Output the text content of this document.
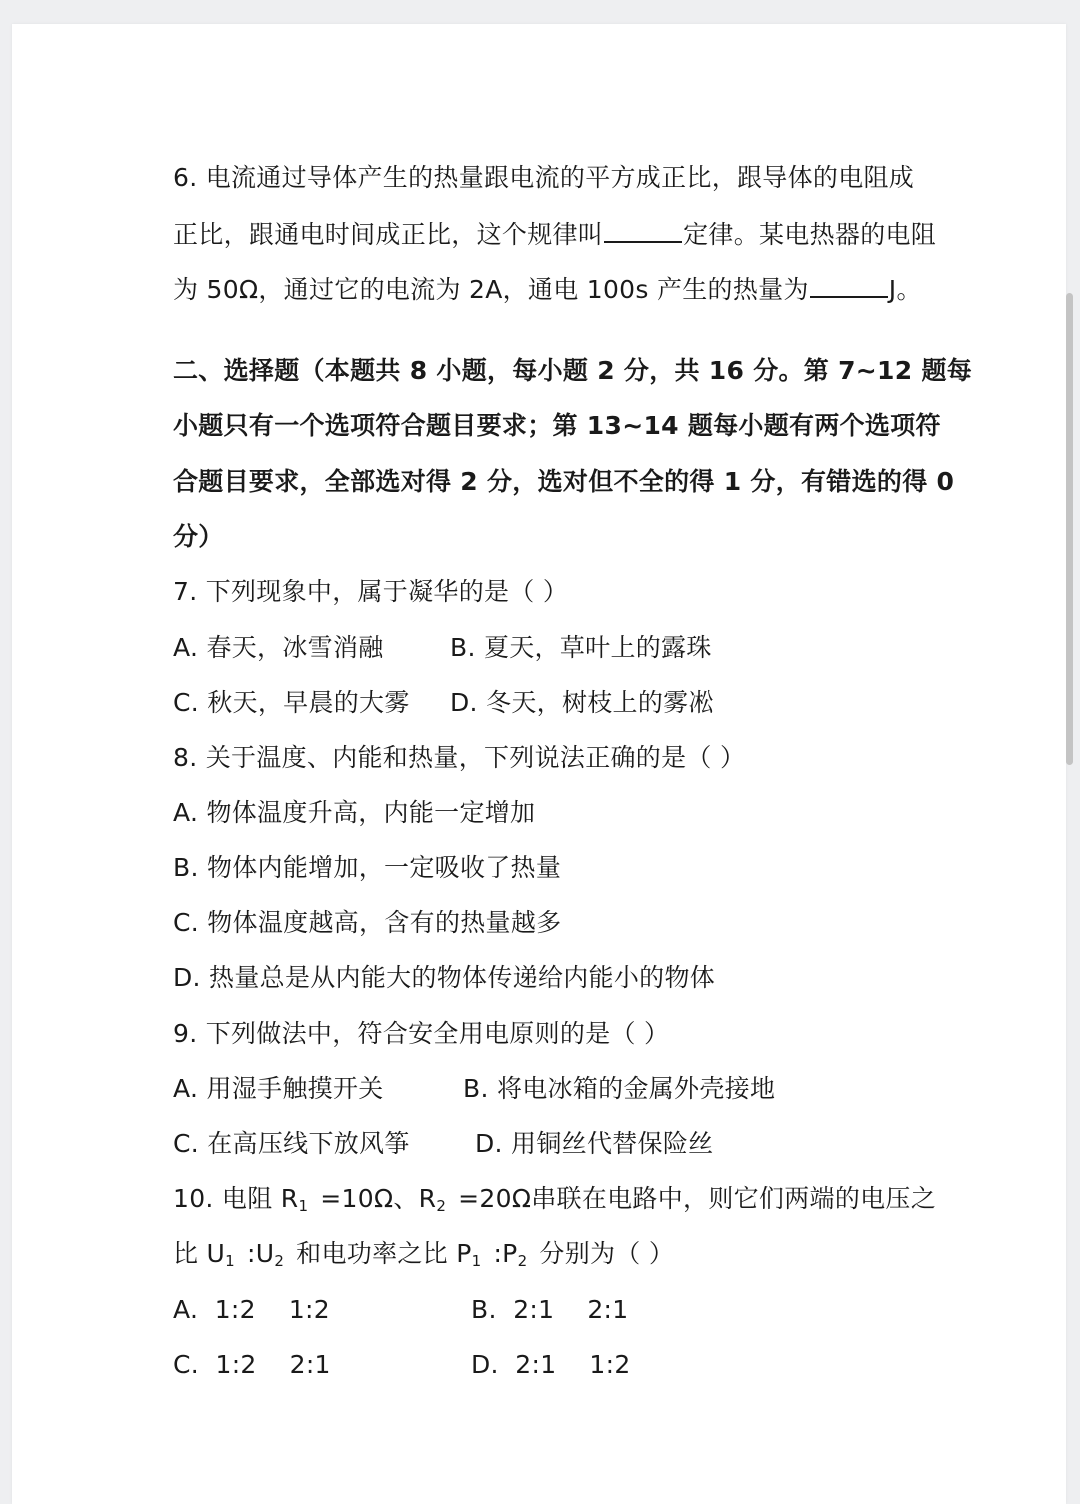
6. 电流通过导体产生的热量跟电流的平方成正比，跟导体的电阻成
正比，跟通电时间成正比，这个规律叫	定律。某电热器的电阻
为 50Ω，通过它的电流为 2A，通电 100s 产生的热量为	J。
二、选择题（本题共 8 小题，每小题 2 分，共 16 分。第 7~12 题每
小题只有一个选项符合题目要求；第 13~14 题每小题有两个选项符
合题目要求，全部选对得 2 分，选对但不全的得 1 分，有错选的得 0
分）
7. 下列现象中，属于凝华的是（ ）
A. 春天，冰雪消融	B. 夏天，草叶上的露珠
C. 秋天，早晨的大雾 D. 冬天，树枝上的雾凇
8. 关于温度、内能和热量，下列说法正确的是（ ）
A. 物体温度升高，内能一定增加
B. 物体内能增加，一定吸收了热量
C. 物体温度越高，含有的热量越多
D. 热量总是从内能大的物体传递给内能小的物体
9. 下列做法中，符合安全用电原则的是（ ）
A. 用湿手触摸开关	B. 将电冰箱的金属外壳接地
C. 在高压线下放风筝	D. 用铜丝代替保险丝
10. 电阻 $R_1 =10\Omega$、$R_2 =20\Omega$串联在电路中，则它们两端的电压之
比 $U_1$ $:U_2$ 和电功率之比 $P_1$ $:P_2$ 分别为（ ）
A.  1:2    1:2	B.  2:1    2:1
C.  1:2    2:1	D.  2:1    1:2
